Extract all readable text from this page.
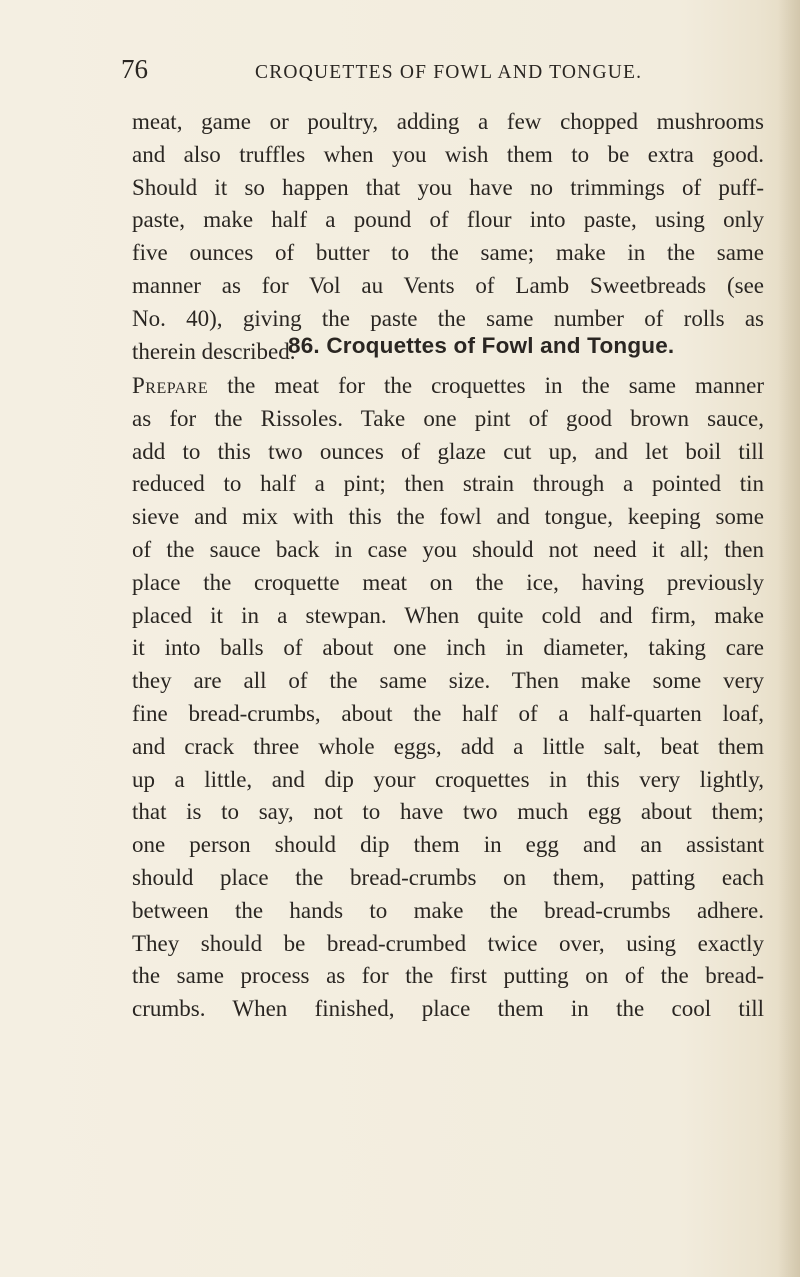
76	CROQUETTES OF FOWL AND TONGUE.

meat, game or poultry, adding a few chopped mushrooms
and also truffles when you wish them to be extra good.
Should it so happen that you have no trimmings of puff-
paste, make half a pound of flour into paste, using only
five ounces of butter to the same; make in the same
manner as for Vol au Vents of Lamb Sweetbreads (see
No. 40), giving the paste the same number of rolls as
therein described.

86. Croquettes of Fowl and Tongue.

Prepare the meat for the croquettes in the same manner
as for the Rissoles. Take one pint of good brown sauce,
add to this two ounces of glaze cut up, and let boil till
reduced to half a pint; then strain through a pointed tin
sieve and mix with this the fowl and tongue, keeping some
of the sauce back in case you should not need it all; then
place the croquette meat on the ice, having previously
placed it in a stewpan. When quite cold and firm, make
it into balls of about one inch in diameter, taking care
they are all of the same size. Then make some very
fine bread-crumbs, about the half of a half-quarten loaf,
and crack three whole eggs, add a little salt, beat them
up a little, and dip your croquettes in this very lightly,
that is to say, not to have two much egg about them;
one person should dip them in egg and an assistant
should place the bread-crumbs on them, patting each
between the hands to make the bread-crumbs adhere.
They should be bread-crumbed twice over, using exactly
the same process as for the first putting on of the bread-
crumbs. When finished, place them in the cool till
